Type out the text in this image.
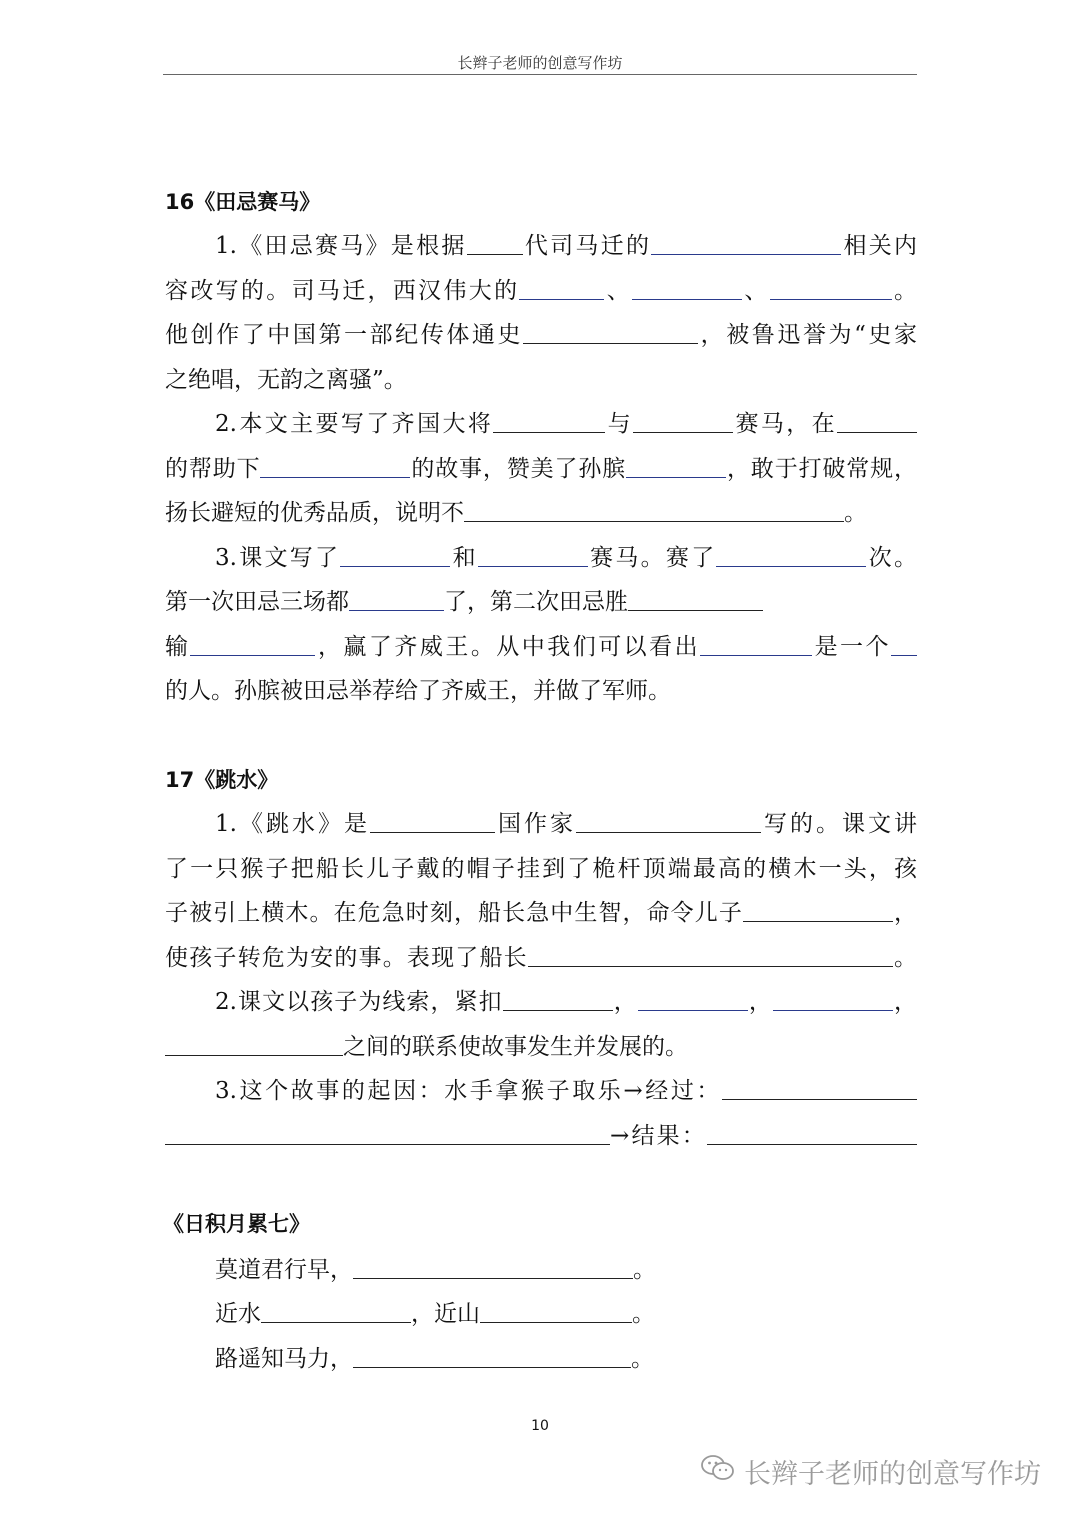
长辫子老师的创意写作坊
16《田忌赛马》

1.《田忌赛马》是根据 代司马迁的	相关内

容改写的。司马迁，西汉伟大的	、	、	。

他创作了中国第一部纪传体通史	，被鲁迅誉为“史家

之绝唱，无韵之离骚”。

2.本文主要写了齐国大将	与	赛马，在

的帮助下	的故事，赞美了孙膑	，敢于打破常规，

扬长避短的优秀品质，说明不	。

3.课文写了	和	赛马。赛了	次。

第一次田忌三场都	了，第二次田忌胜

输	，赢了齐威王。从中我们可以看出	是一个

的人。孙膑被田忌举荐给了齐威王，并做了军师。

17《跳水》

1.《跳水》是	国作家	写的。课文讲

了一只猴子把船长儿子戴的帽子挂到了桅杆顶端最高的横木一头，孩

子被引上横木。在危急时刻，船长急中生智，命令儿子	，

使孩子转危为安的事。表现了船长	。

2.课文以孩子为线索，紧扣	，	，	，

之间的联系使故事发生并发展的。

3.这个故事的起因：水手拿猴子取乐→经过：

→结果：

《日积月累七》
莫道君行早，	。
近水	，近山	。
路遥知马力，	。
10
长辫子老师的创意写作坊
